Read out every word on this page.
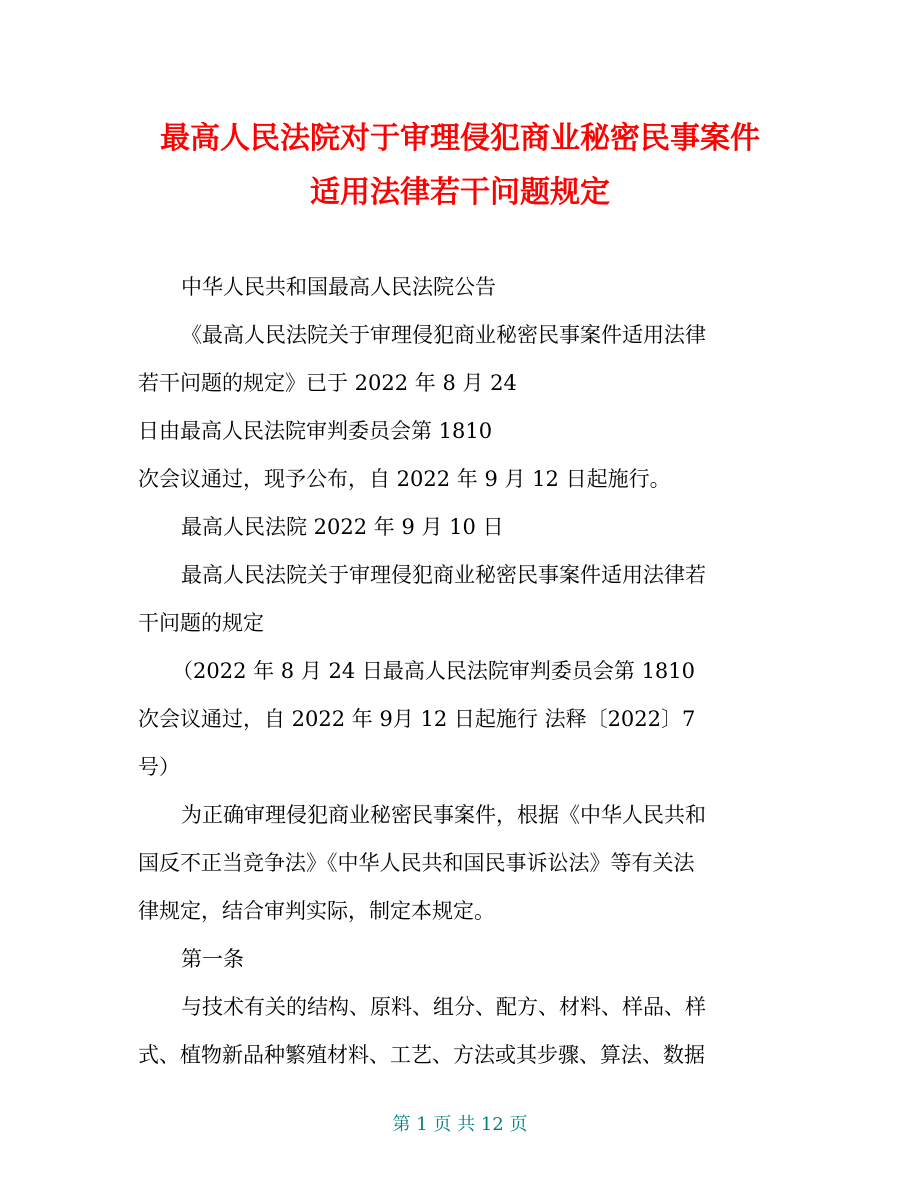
最高人民法院对于审理侵犯商业秘密民事案件
适用法律若干问题规定
中华人民共和国最高人民法院公告
《最高人民法院关于审理侵犯商业秘密民事案件适用法律
若干问题的规定》已于 2022 年 8 月 24
日由最高人民法院审判委员会第 1810
次会议通过，现予公布，自 2022 年 9 月 12 日起施行。
最高人民法院 2022 年 9 月 10 日
最高人民法院关于审理侵犯商业秘密民事案件适用法律若
干问题的规定
（2022 年 8 月 24 日最高人民法院审判委员会第 1810
次会议通过，自 2022 年 9月 12 日起施行 法释〔2022〕7
号）
为正确审理侵犯商业秘密民事案件，根据《中华人民共和
国反不正当竞争法》《中华人民共和国民事诉讼法》等有关法
律规定，结合审判实际，制定本规定。
第一条
与技术有关的结构、原料、组分、配方、材料、样品、样
式、植物新品种繁殖材料、工艺、方法或其步骤、算法、数据
第 1 页 共 12 页
